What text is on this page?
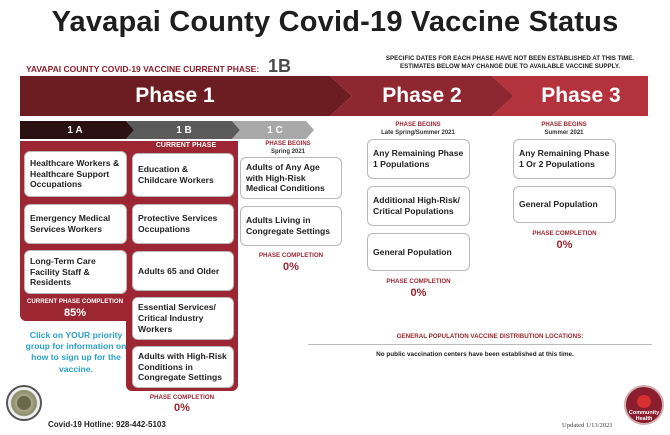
Yavapai County Covid-19 Vaccine Status
YAVAPAI COUNTY COVID-19 VACCINE CURRENT PHASE: 1B	SPECIFIC DATES FOR EACH PHASE HAVE NOT BEEN ESTABLISHED AT THIS TIME.
ESTIMATES BELOW MAY CHANGE DUE TO AVAILABLE VACCINE SUPPLY.
Phase 1	Phase 2	Phase 3
1 A	1 B	1 C
CURRENT PHASE
Healthcare Workers & Healthcare Support Occupations
Emergency Medical Services Workers
Long-Term Care Facility Staff & Residents
CURRENT PHASE COMPLETION
85%
Education & Childcare Workers
Protective Services Occupations
Adults 65 and Older
Essential Services/ Critical Industry Workers
Adults with High-Risk Conditions in Congregate Settings
PHASE COMPLETION
0%
PHASE BEGINS
Spring 2021
Adults of Any Age with High-Risk Medical Conditions
Adults Living in Congregate Settings
PHASE COMPLETION
0%
PHASE BEGINS
Late Spring/Summer 2021
Any Remaining Phase 1 Populations
Additional High-Risk/ Critical Populations
General Population
PHASE COMPLETION
0%
PHASE BEGINS
Summer 2021
Any Remaining Phase 1 Or 2 Populations
General Population
PHASE COMPLETION
0%
Click on YOUR priority group for information on how to sign up for the vaccine.
GENERAL POPULATION VACCINE DISTRIBUTION LOCATIONS:
No public vaccination centers have been established at this time.
Covid-19 Hotline: 928-442-5103	Updated 1/13/2021
Community Health
